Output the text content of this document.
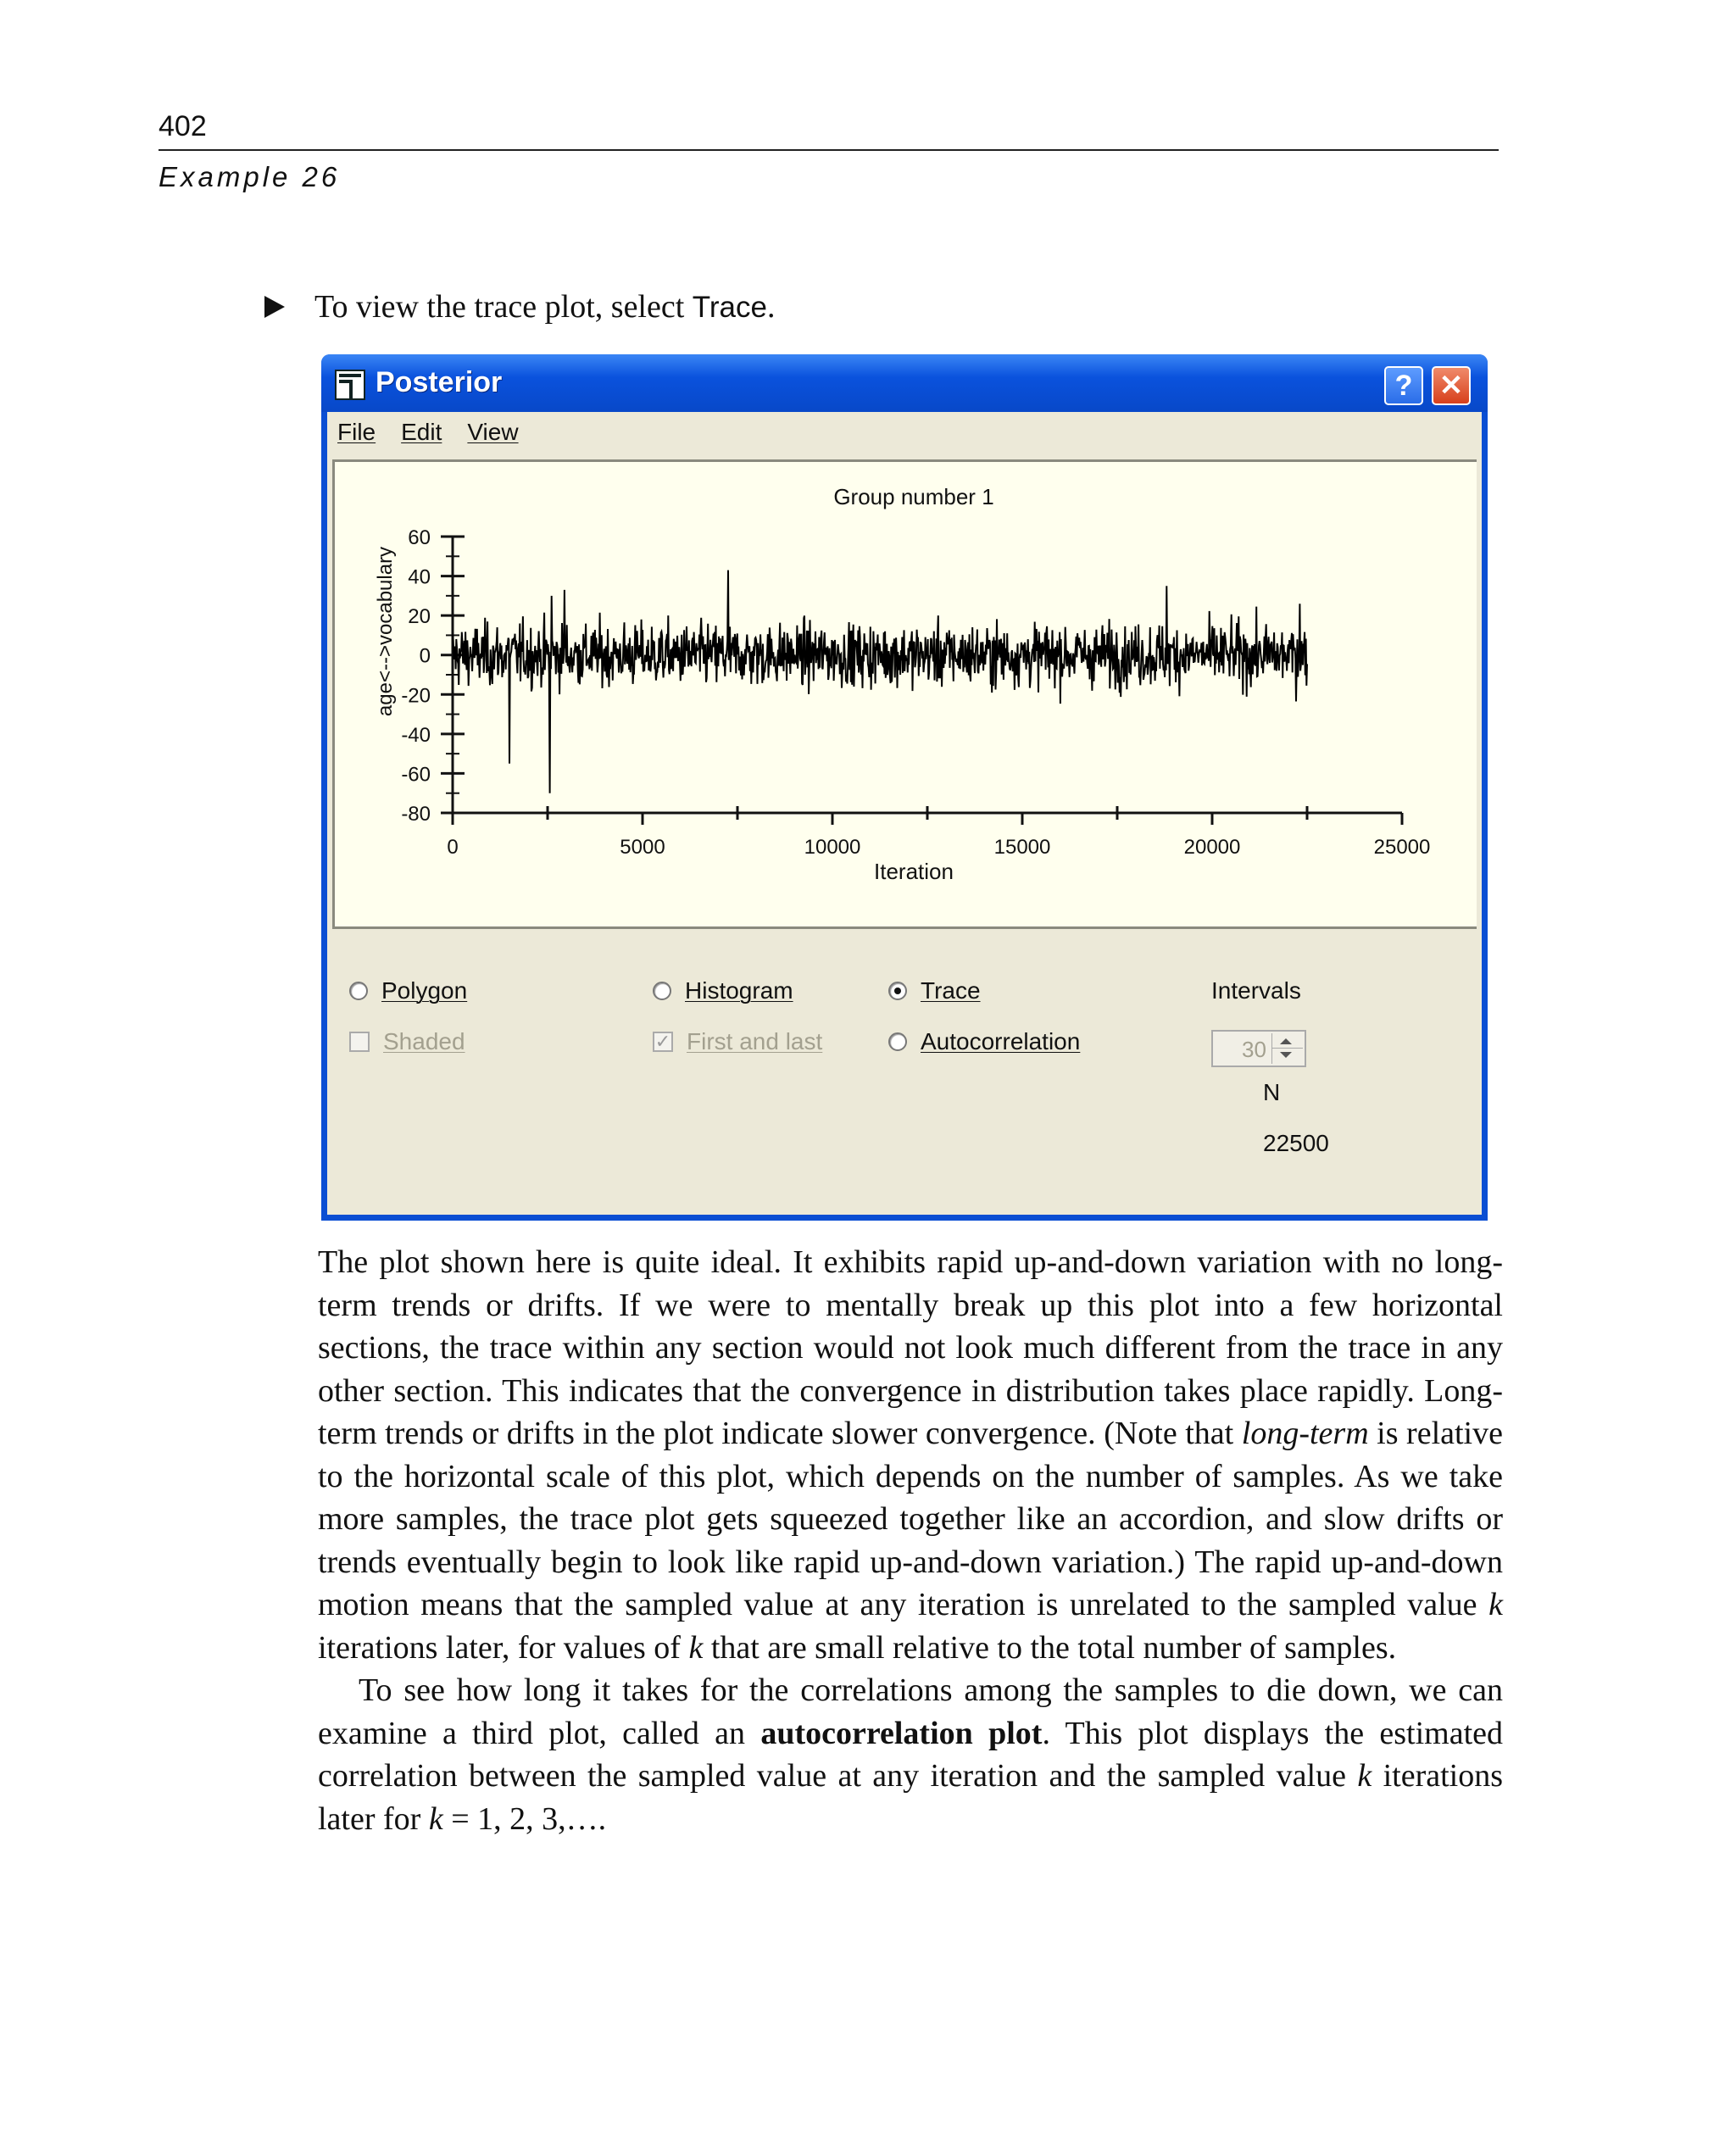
402
Example 26
To view the trace plot, select Trace.
Posterior	? ✕
File Edit View
Group number 1
60
40
20
0
-20
-40
-60
-80
0	5000	10000	15000	20000	25000
age<-->vocabulary
Iteration
Polygon
Shaded
Histogram
✓ First and last
Trace
Autocorrelation
Intervals
30
N
22500

The plot shown here is quite ideal. It exhibits rapid up-and-down variation with no long-term trends or drifts. If we were to mentally break up this plot into a few horizontal sections, the trace within any section would not look much different from the trace in any other section. This indicates that the convergence in distribution takes place rapidly. Long-term trends or drifts in the plot indicate slower convergence. (Note that long-term is relative to the horizontal scale of this plot, which depends on the number of samples. As we take more samples, the trace plot gets squeezed together like an accordion, and slow drifts or trends eventually begin to look like rapid up-and-down variation.) The rapid up-and-down motion means that the sampled value at any iteration is unrelated to the sampled value k iterations later, for values of k that are small relative to the total number of samples.

To see how long it takes for the correlations among the samples to die down, we can examine a third plot, called an autocorrelation plot. This plot displays the estimated correlation between the sampled value at any iteration and the sampled value k iterations later for k = 1, 2, 3,….
